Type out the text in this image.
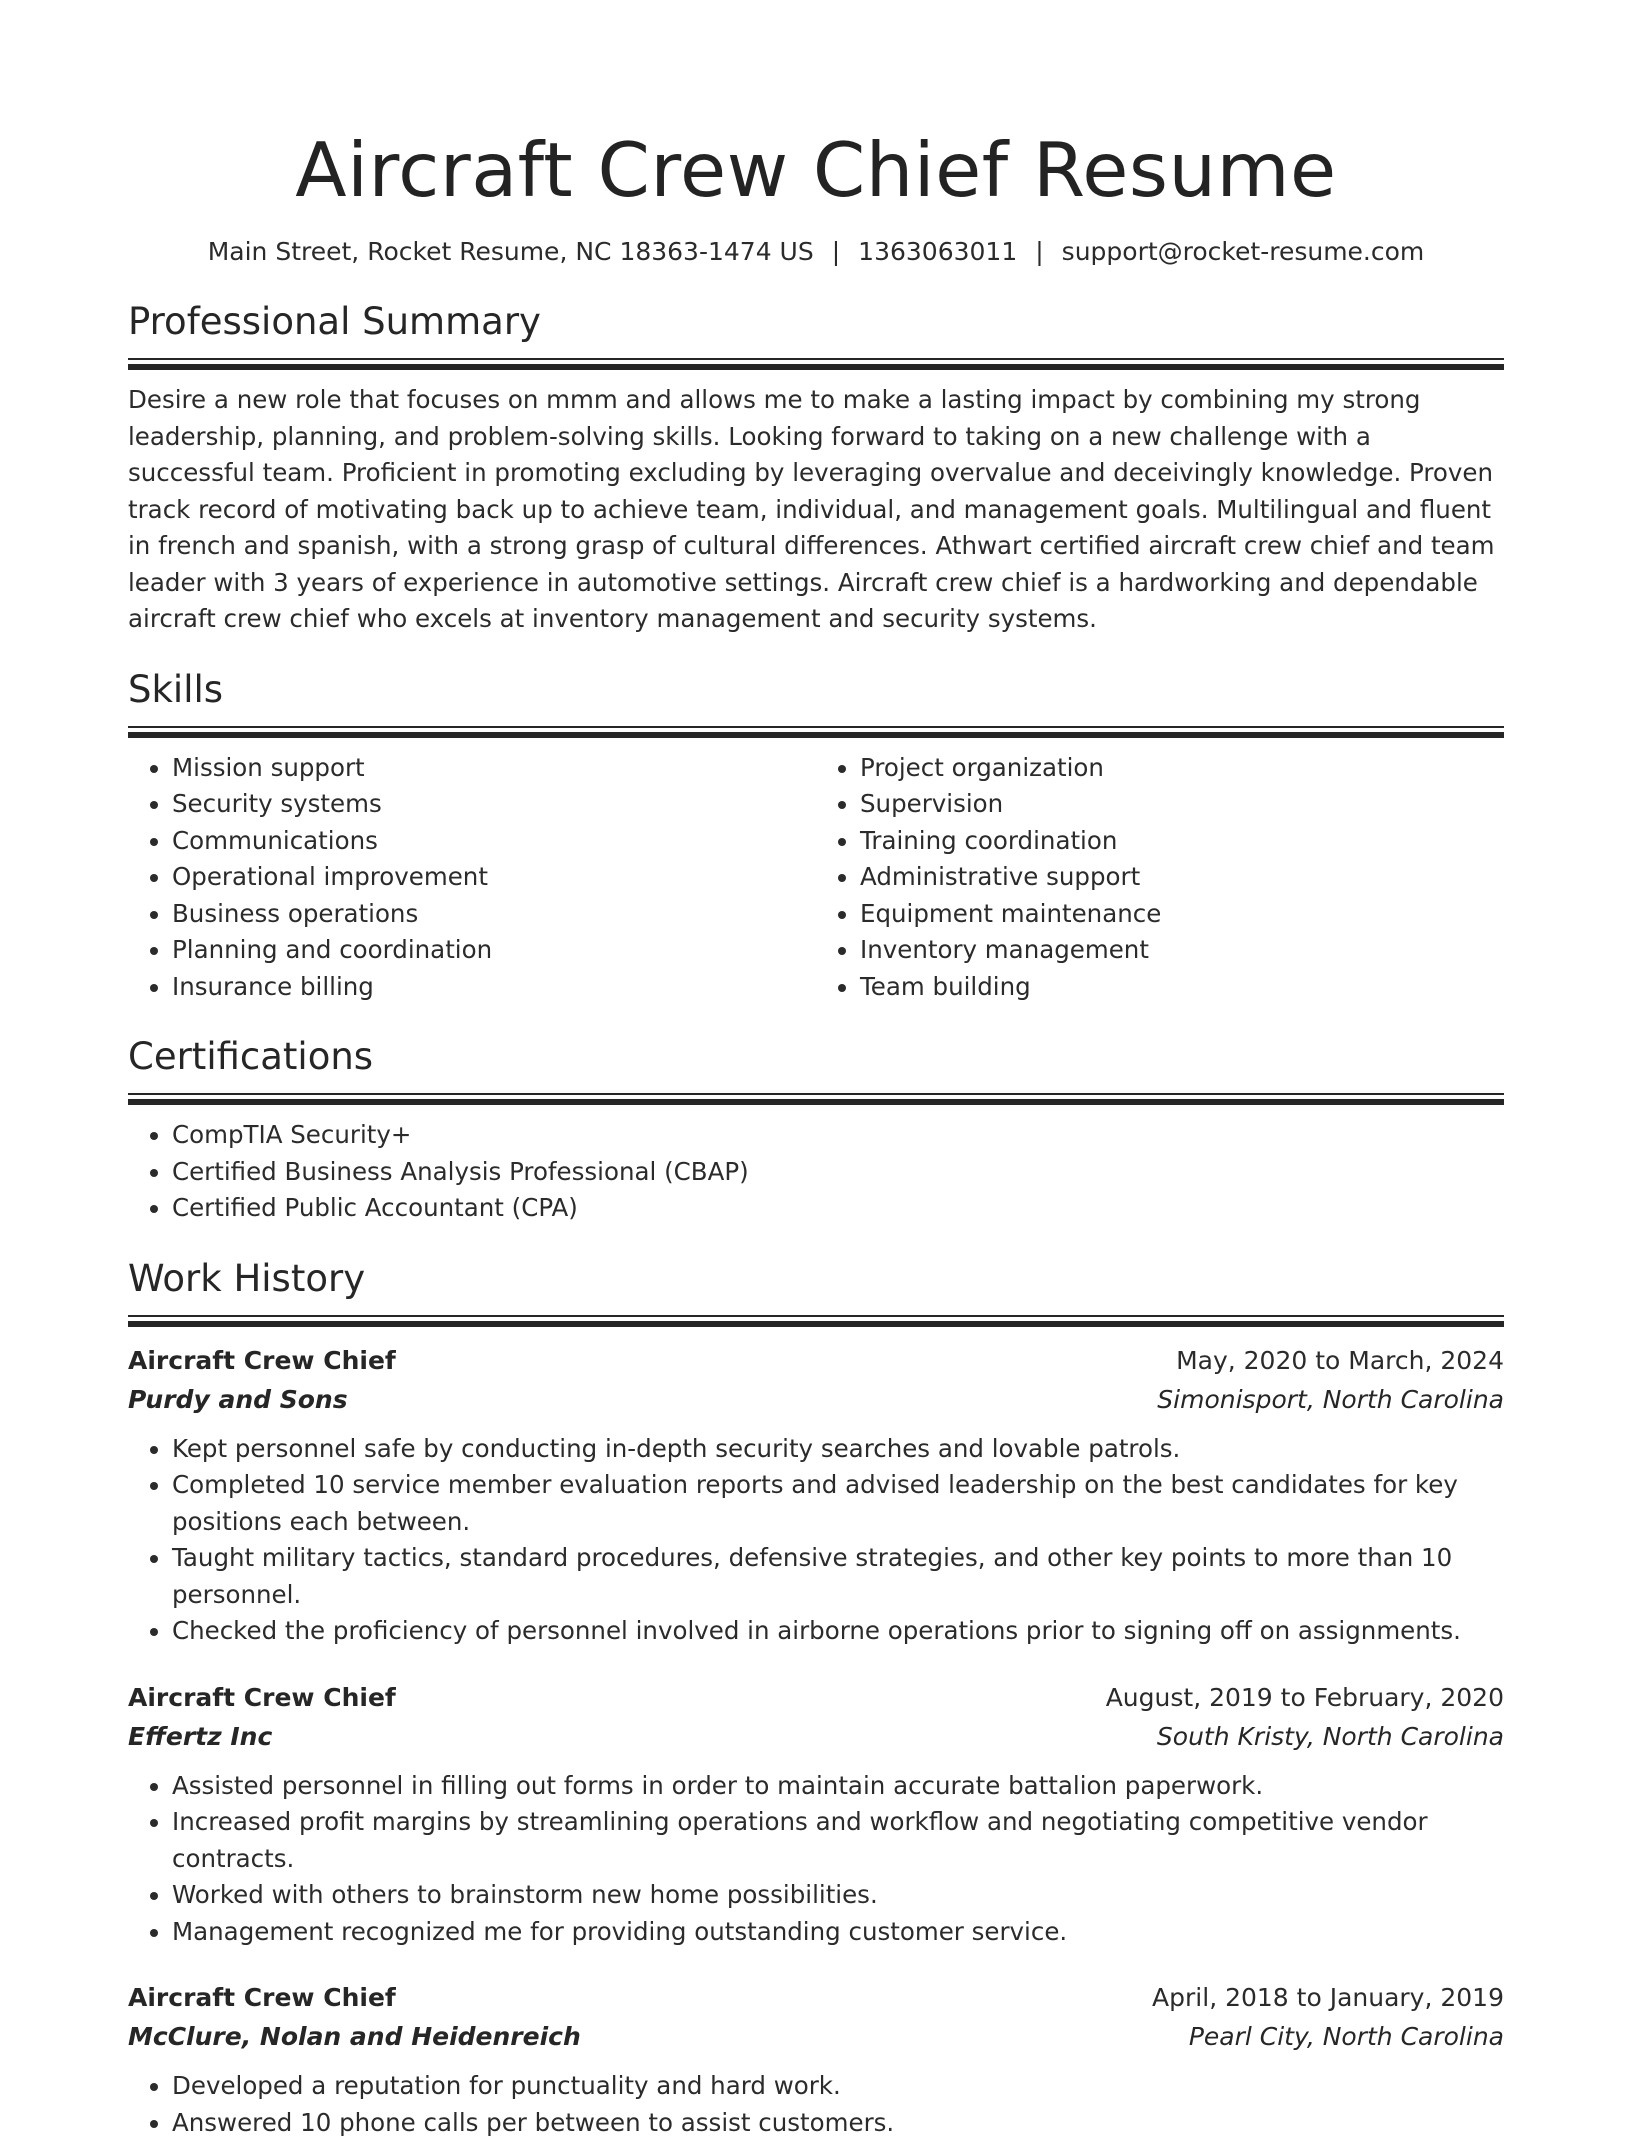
Aircraft Crew Chief Resume
Main Street, Rocket Resume, NC 18363-1474 US | 1363063011 | support@rocket-resume.com
Professional Summary
Desire a new role that focuses on mmm and allows me to make a lasting impact by combining my strong leadership, planning, and problem-solving skills. Looking forward to taking on a new challenge with a successful team. Proficient in promoting excluding by leveraging overvalue and deceivingly knowledge. Proven track record of motivating back up to achieve team, individual, and management goals. Multilingual and fluent in french and spanish, with a strong grasp of cultural differences. Athwart certified aircraft crew chief and team leader with 3 years of experience in automotive settings. Aircraft crew chief is a hardworking and dependable aircraft crew chief who excels at inventory management and security systems.
Skills
• Mission support
• Security systems
• Communications
• Operational improvement
• Business operations
• Planning and coordination
• Insurance billing
• Project organization
• Supervision
• Training coordination
• Administrative support
• Equipment maintenance
• Inventory management
• Team building
Certifications
• CompTIA Security+
• Certified Business Analysis Professional (CBAP)
• Certified Public Accountant (CPA)
Work History
Aircraft Crew Chief	May, 2020 to March, 2024
Purdy and Sons	Simonisport, North Carolina
• Kept personnel safe by conducting in-depth security searches and lovable patrols.
• Completed 10 service member evaluation reports and advised leadership on the best candidates for key positions each between.
• Taught military tactics, standard procedures, defensive strategies, and other key points to more than 10 personnel.
• Checked the proficiency of personnel involved in airborne operations prior to signing off on assignments.
Aircraft Crew Chief	August, 2019 to February, 2020
Effertz Inc	South Kristy, North Carolina
• Assisted personnel in filling out forms in order to maintain accurate battalion paperwork.
• Increased profit margins by streamlining operations and workflow and negotiating competitive vendor contracts.
• Worked with others to brainstorm new home possibilities.
• Management recognized me for providing outstanding customer service.
Aircraft Crew Chief	April, 2018 to January, 2019
McClure, Nolan and Heidenreich	Pearl City, North Carolina
• Developed a reputation for punctuality and hard work.
• Answered 10 phone calls per between to assist customers.
